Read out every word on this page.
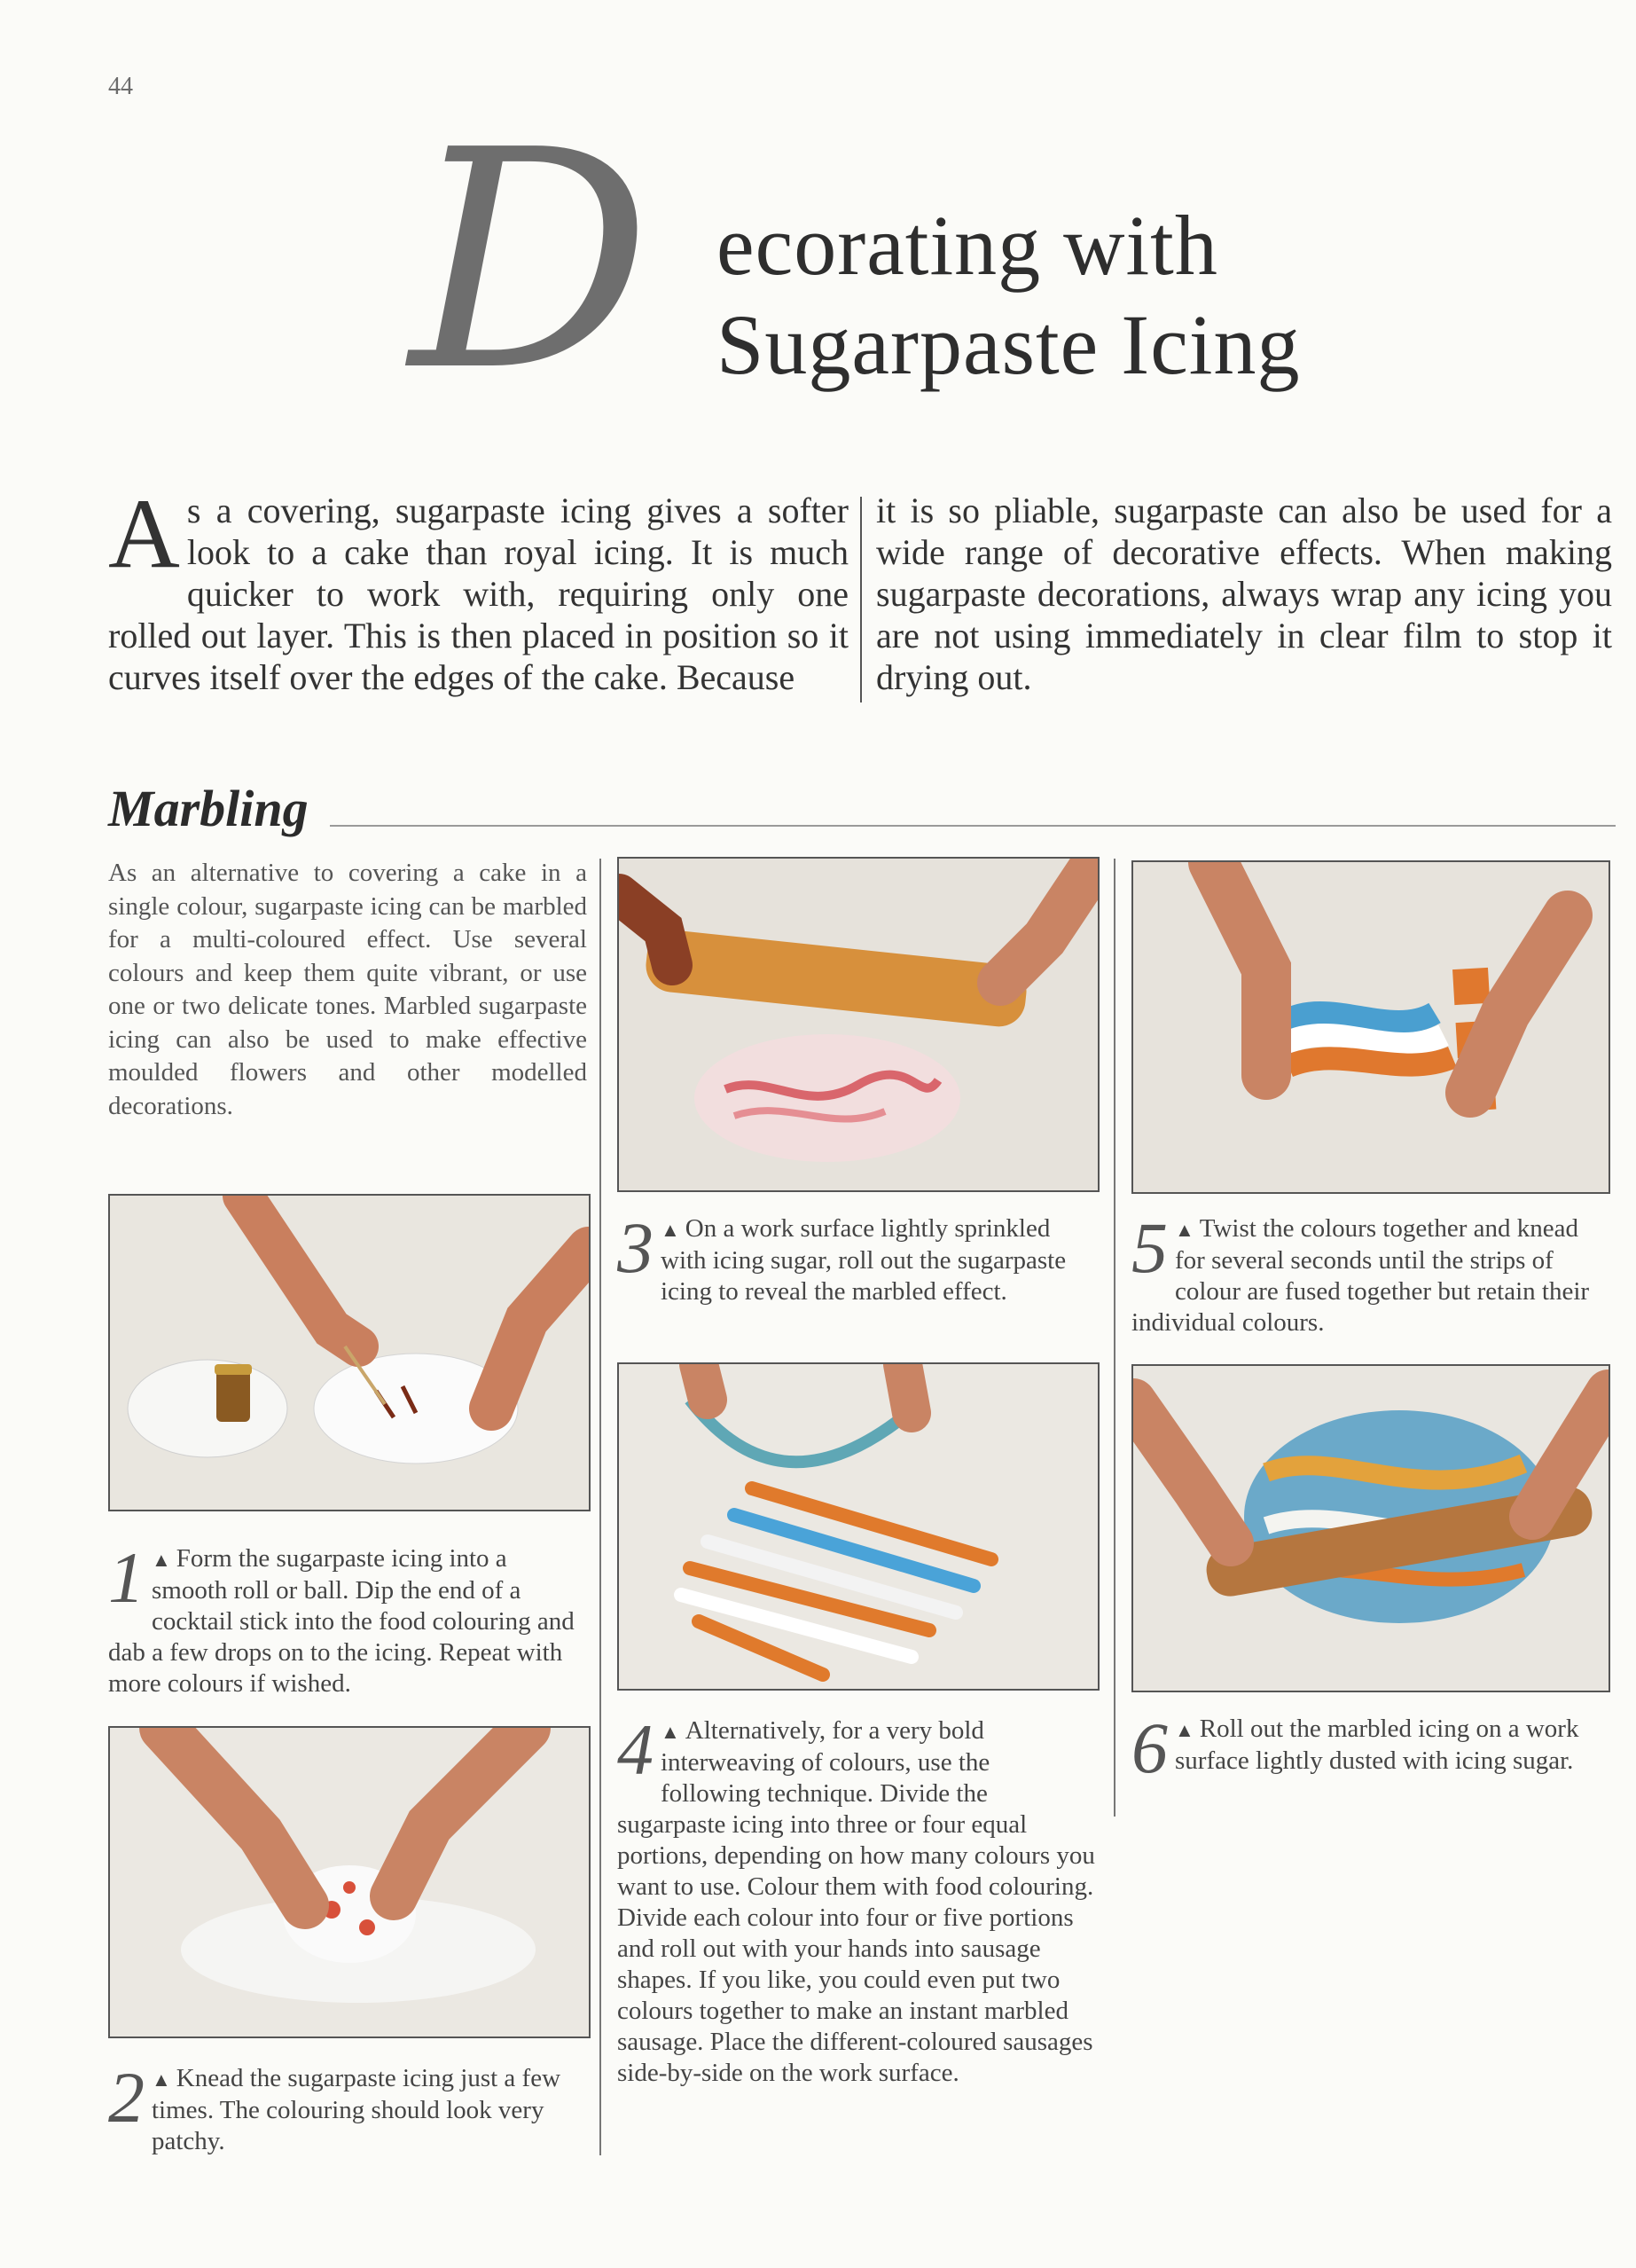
44 D ecorating with
Sugarpaste Icing
A s a covering, sugarpaste icing gives a softer look to a cake than royal icing. It is much quicker to work with, requiring only one rolled out layer. This is then placed in position so it curves itself over the edges of the cake. Because
it is so pliable, sugarpaste can also be used for a wide range of decorative effects. When making sugarpaste decorations, always wrap any icing you are not using immediately in clear film to stop it drying out.
Marbling
As an alternative to covering a cake in a single colour, sugarpaste icing can be marbled for a multi-coloured effect. Use several colours and keep them quite vibrant, or use one or two delicate tones. Marbled sugarpaste icing can also be used to make effective moulded flowers and other modelled decorations.
1 ▲ Form the sugarpaste icing into a smooth roll or ball. Dip the end of a cocktail stick into the food colouring and dab a few drops on to the icing. Repeat with more colours if wished.
2 ▲ Knead the sugarpaste icing just a few times. The colouring should look very patchy.
3 ▲ On a work surface lightly sprinkled with icing sugar, roll out the sugarpaste icing to reveal the marbled effect.
4 ▲ Alternatively, for a very bold interweaving of colours, use the following technique. Divide the sugarpaste icing into three or four equal portions, depending on how many colours you want to use. Colour them with food colouring. Divide each colour into four or five portions and roll out with your hands into sausage shapes. If you like, you could even put two colours together to make an instant marbled sausage. Place the different-coloured sausages side-by-side on the work surface.
5 ▲ Twist the colours together and knead for several seconds until the strips of colour are fused together but retain their individual colours.
6 ▲ Roll out the marbled icing on a work surface lightly dusted with icing sugar.
